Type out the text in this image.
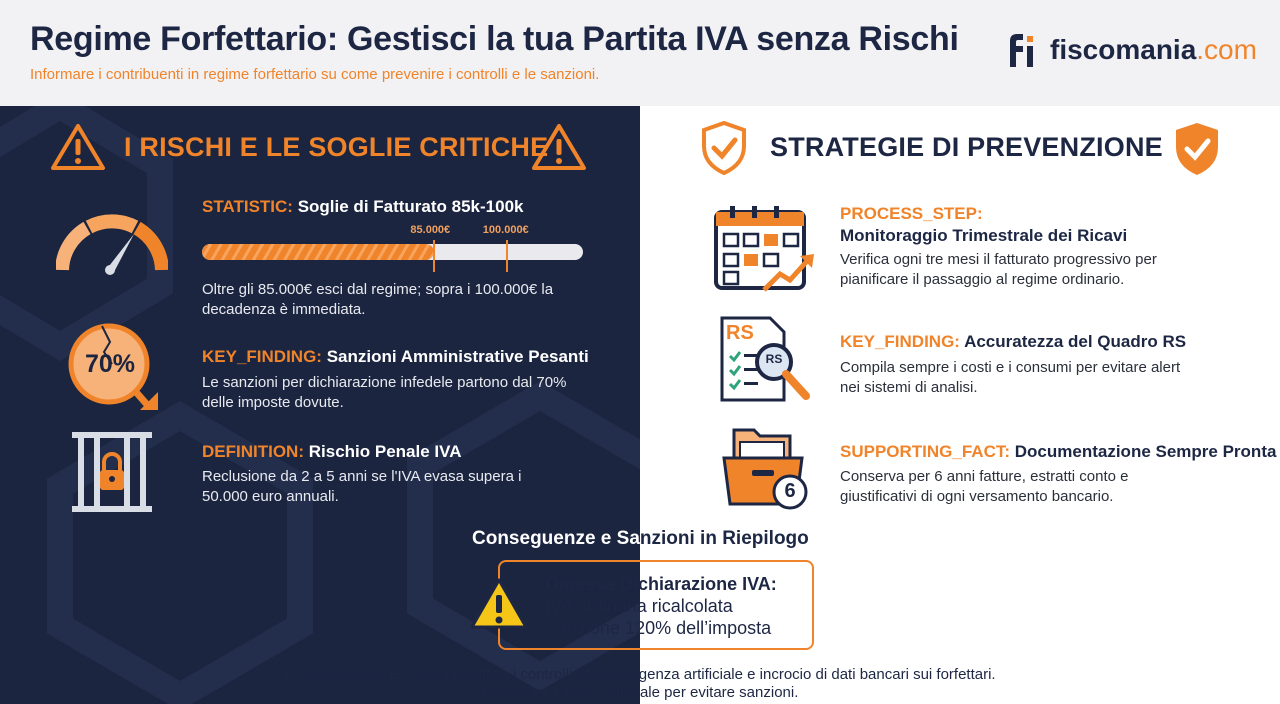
Regime Forfettario: Gestisci la tua Partita IVA senza Rischi

Informare i contribuenti in regime forfettario su come prevenire i controlli e le sanzioni.

fiscomania .com
I RISCHI E LE SOGLIE CRITICHE
STATISTIC: Soglie di Fatturato 85k-100k
85.000€	100.000€
Oltre gli 85.000€ esci dal regime; sopra i 100.000€ la
decadenza è immediata.
70%	KEY_FINDING: Sanzioni Amministrative Pesanti
Le sanzioni per dichiarazione infedele partono dal 70%
delle imposte dovute.
DEFINITION: Rischio Penale IVA
Reclusione da 2 a 5 anni se l'IVA evasa supera i
50.000 euro annuali.
STRATEGIE DI PREVENZIONE
PROCESS_STEP:
Monitoraggio Trimestrale dei Ricavi
Verifica ogni tre mesi il fatturato progressivo per
pianificare il passaggio al regime ordinario.
RS
RS
KEY_FINDING: Accuratezza del Quadro RS
Compila sempre i costi e i consumi per evitare alert
nei sistemi di analisi.
6
SUPPORTING_FACT: Documentazione Sempre Pronta
Conserva per 6 anni fatture, estratti conto e
giustificativi di ogni versamento bancario.
Conseguenze e Sanzioni in Riepilogo
Omessa Dichiarazione IVA:
IVA ordinaria ricalcolata
Sanzione 120% dell’imposta
L’Agenzia delle Entrate intensifica i controlli con intelligenza artificiale e incrocio di dati bancari sui forfettari.
Rispettare i limiti è cruciale per evitare sanzioni.
